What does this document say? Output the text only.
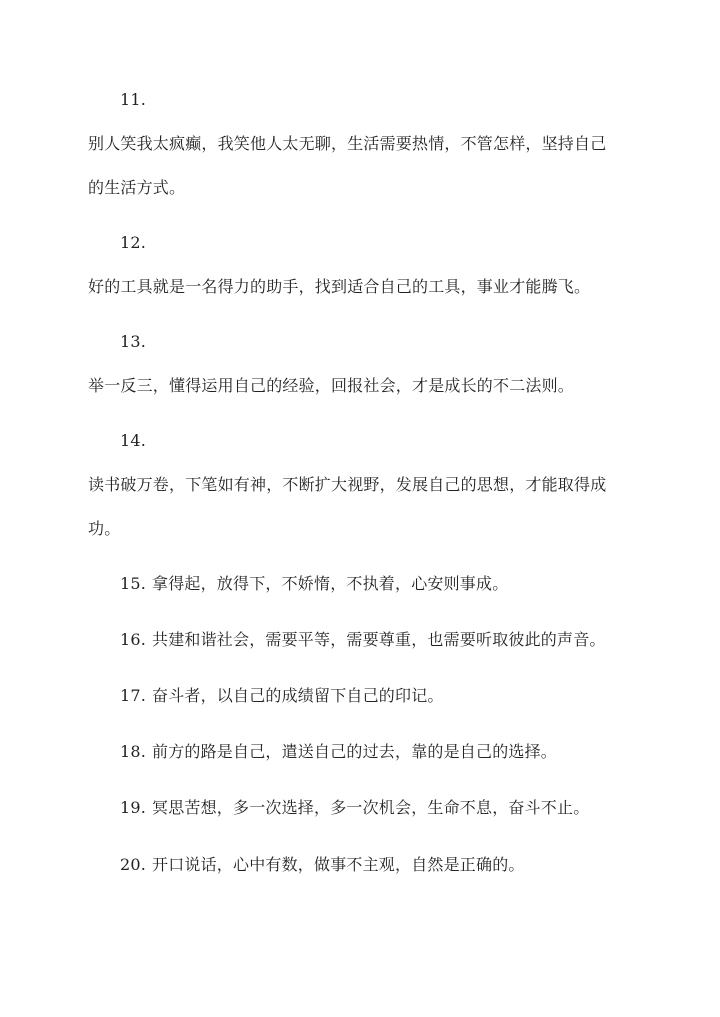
11.
别人笑我太疯癫，我笑他人太无聊，生活需要热情，不管怎样，坚持自己
的生活方式。
12.
好的工具就是一名得力的助手，找到适合自己的工具，事业才能腾飞。
13.
举一反三，懂得运用自己的经验，回报社会，才是成长的不二法则。
14.
读书破万卷，下笔如有神，不断扩大视野，发展自己的思想，才能取得成
功。
15. 拿得起，放得下，不娇惰，不执着，心安则事成。
16. 共建和谐社会，需要平等，需要尊重，也需要听取彼此的声音。
17. 奋斗者，以自己的成绩留下自己的印记。
18. 前方的路是自己，遣送自己的过去，靠的是自己的选择。
19. 冥思苦想，多一次选择，多一次机会，生命不息，奋斗不止。
20. 开口说话，心中有数，做事不主观，自然是正确的。
